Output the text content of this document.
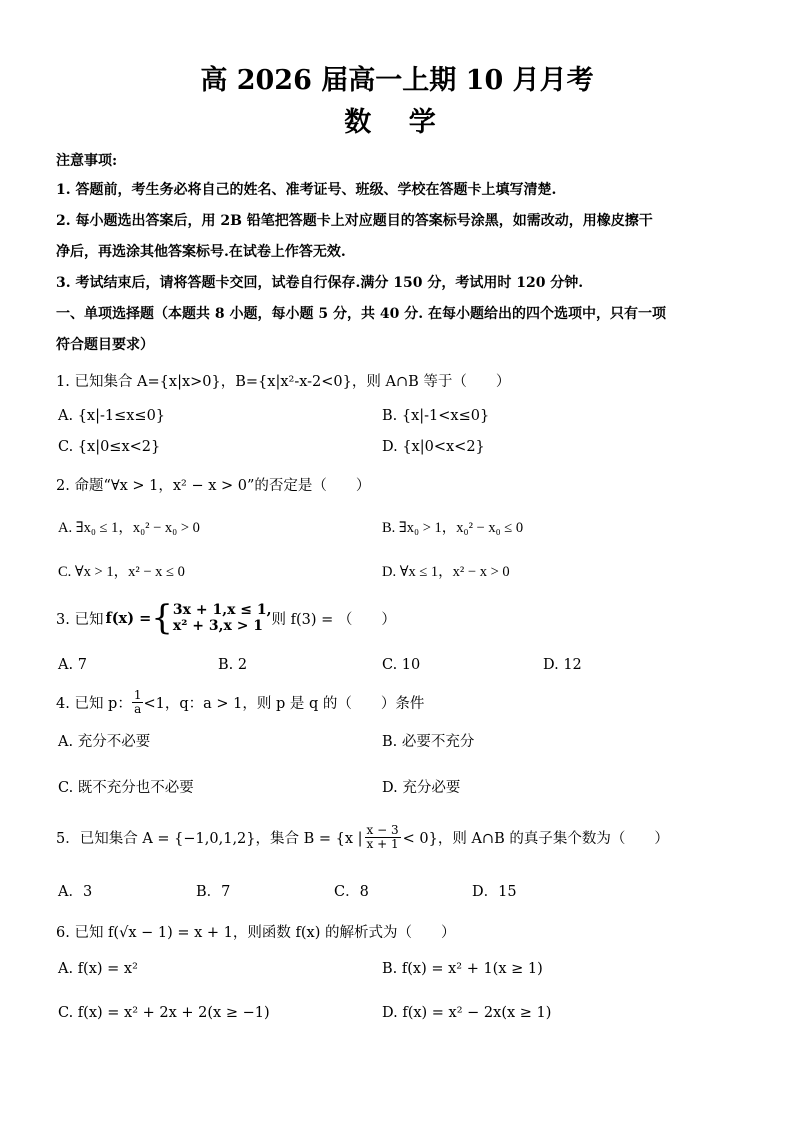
高 2026 届高一上期 10 月月考
数 学
注意事项:
1. 答题前，考生务必将自己的姓名、准考证号、班级、学校在答题卡上填写清楚.
2. 每小题选出答案后，用 2B 铅笔把答题卡上对应题目的答案标号涂黑，如需改动，用橡皮擦干
净后，再选涂其他答案标号.在试卷上作答无效.
3. 考试结束后，请将答题卡交回，试卷自行保存.满分 150 分，考试用时 120 分钟.
一、单项选择题（本题共 8 小题，每小题 5 分，共 40 分. 在每小题给出的四个选项中，只有一项
符合题目要求）
1. 已知集合 A={x|x>0}，B={x|x²-x-2<0}，则 A∩B 等于（　　）
A. {x|-1≤x≤0}	B. {x|-1<x≤0}
C. {x|0≤x<2}	D. {x|0<x<2}
2. 命题“∀x > 1，x² − x > 0”的否定是（　　）
A. ∃x₀ ≤ 1，x₀² − x₀ > 0	B. ∃x₀ > 1，x₀² − x₀ ≤ 0
C. ∀x > 1，x² − x ≤ 0	D. ∀x ≤ 1，x² − x > 0
3. 已知 f(x) = { 3x + 1,x ≤ 1,
x² + 3,x > 1 则 f(3) = （　　）
A. 7	B. 2	C. 10	D. 12
4. 已知 p： $\frac{1}{a} <1$，q：a > 1，则 p 是 q 的（　　）条件
A. 充分不必要	B. 必要不充分
C. 既不充分也不必要	D. 充分必要
5．已知集合 A = {−1,0,1,2}，集合 B = {x | $\frac{x - 3}{x + 1} < 0$}，则 A∩B 的真子集个数为（　　）
A．3	B．7	C．8	D．15
6. 已知 f(√x − 1) = x + 1，则函数 f(x) 的解析式为（　　）
A. f(x) = x²	B. f(x) = x² + 1(x ≥ 1)
C. f(x) = x² + 2x + 2(x ≥ −1)	D. f(x) = x² − 2x(x ≥ 1)
